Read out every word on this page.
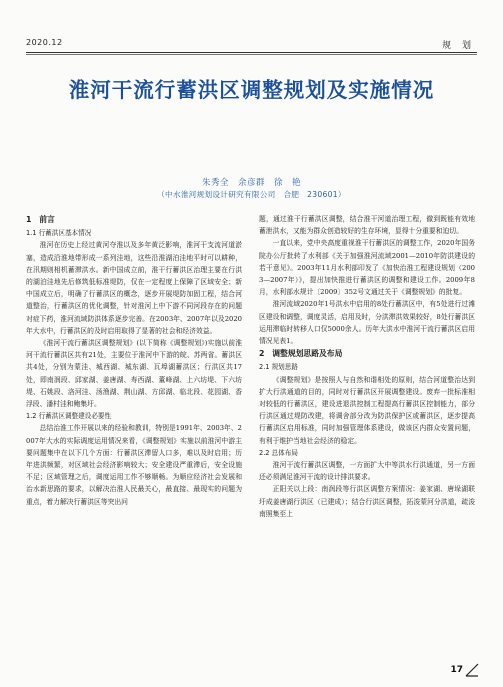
2020.12	规 划
淮河干流行蓄洪区调整规划及实施情况
朱秀全　余彦群　徐　艳
（中水淮河规划设计研究有限公司　合肥　230601）
1　前言
1.1 行蓄洪区基本情况

淮河在历史上经过黄河夺淮以及多年黄泛影响，淮河干支流河道淤塞，造成沿淮地带形成一系列洼地，这些沿淮湖泊洼地平时可以耕种，在汛期则相机蓄滞洪水。新中国成立前，淮干行蓄洪区治理主要在行洪的湖泊洼地先后修筑低标准堤防，仅在一定程度上保障了区域安全；新中国成立后，明确了行蓄洪区的概念，逐步开展堤防加固工程，结合河道整治，行蓄洪区的优化调整，针对淮河上中下游不同河段存在的问题对症下药，淮河流域防洪体系逐步完善。在2003年、2007年以及2020年大水中，行蓄洪区的及时启用取得了显著的社会和经济效益。

《淮河干流行蓄洪区调整规划》(以下简称《调整规划》)实施以前淮河干流行蓄洪区共有21处，主要位于淮河中下游的皖、苏两省。蓄洪区共4处，分别为蒙洼、城西湖、城东湖、瓦埠湖蓄洪区；行洪区共17处，即南润段、邱家湖、姜唐湖、寿西湖、董峰湖、上六坊堤、下六坊堤、石姚段、洛河洼、汤渔湖、荆山湖、方邱湖、临北段、花园湖、香浮段、潘村洼和鲍集圩。

1.2 行蓄洪区调整建设必要性

总结治淮工作开展以来的经验和教训，特别是1991年、2003年、2007年大水的实际调度运用情况来看，《调整规划》实施以前淮河中游主要问题集中在以下几个方面：行蓄洪区滞留人口多，难以及时启用；历年进洪频繁，对区域社会经济影响较大；安全建设严重滞后，安全设施不足；区域管理之后，调度运用工作不够顺畅。为顺应经济社会发展和治水新思路的要求，以解决治淮人民最关心，最直接、最现实的问题为重点，着力解决行蓄洪区等突出问

题，通过淮干行蓄洪区调整，结合淮干河道治理工程，徹到既能有效地蓄泄洪水，又能为群众创造较好的生存环境，显得十分重要和迫切。

一直以来，党中央高度重视淮干行蓄洪区的调整工作，2020年国务院办公厅批转了水利部《关于加强淮河流域2001—2010年防洪建设的若干意见》。2003年11月水利部印发了《加快治淮工程建设规划（2003—2007年）》，提出加快推进行蓄洪区的调整和建设工作。2009年8月，水利部水规计〔2009〕352号文通过关于《调整规划》的批复。

淮河流域2020年1号洪水中启用的8处行蓄洪区中，有5处进行过滩区建设和调整，调度灵活，启用及时，分洪滞洪效果较好，8处行蓄洪区运用滞临时转移人口仅5000余人。历年大洪水中淮河干流行蓄洪区启用情况见表1。

2　调整规划思路及布局
2.1 规划思路

《调整规划》是按照人与自然和谐相处的原则，结合河道整治达到扩大行洪通道的目的，同时对行蓄洪区开展调整建设。废弃一批标准相对较低的行蓄洪区，建设进退洪控制工程提高行蓄洪区控制能力，部分行洪区通过堤防改建，将调舍部分改为防洪保护区或蓄洪区，逐步提高行蓄洪区启用标准，同时加强管理体系建设，做该区内群众安置问题，有利于维护当地社会经济的稳定。

2.2 总体布局

淮河干流行蓄洪区调整，一方面扩大中等洪水行洪通道，另一方面还必须满足淮河干流的设计排洪要求。

正阳关以上段：南润段等行洪区调整方案情况：姜家湖、唐垛湖联圩成姜唐湖行洪区（已建成）；结合行洪区调整，拓浚蒙河分洪道，疏浚南照集至上

17
